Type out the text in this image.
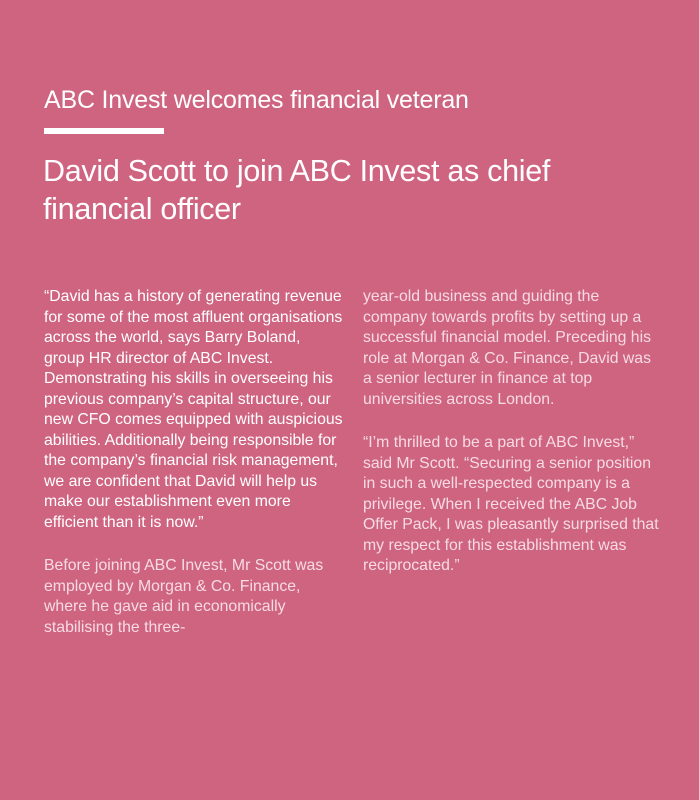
ABC Invest welcomes financial veteran
David Scott to join ABC Invest as chief financial officer

“David has a history of generating revenue for some of the most affluent organisations across the world, says Barry Boland, group HR director of ABC Invest. Demonstrating his skills in overseeing his previous company’s capital structure, our new CFO comes equipped with auspicious abilities. Additionally being responsible for the company’s financial risk management, we are confident that David will help us make our establishment even more efficient than it is now.”

Before joining ABC Invest, Mr Scott was employed by Morgan & Co. Finance, where he gave aid in economically stabilising the three-

year-old business and guiding the company towards profits by setting up a successful financial model. Preceding his role at Morgan & Co. Finance, David was a senior lecturer in finance at top universities across London.

“I’m thrilled to be a part of ABC Invest,” said Mr Scott. “Securing a senior position in such a well-respected company is a privilege. When I received the ABC Job Offer Pack, I was pleasantly surprised that my respect for this establishment was reciprocated.”
